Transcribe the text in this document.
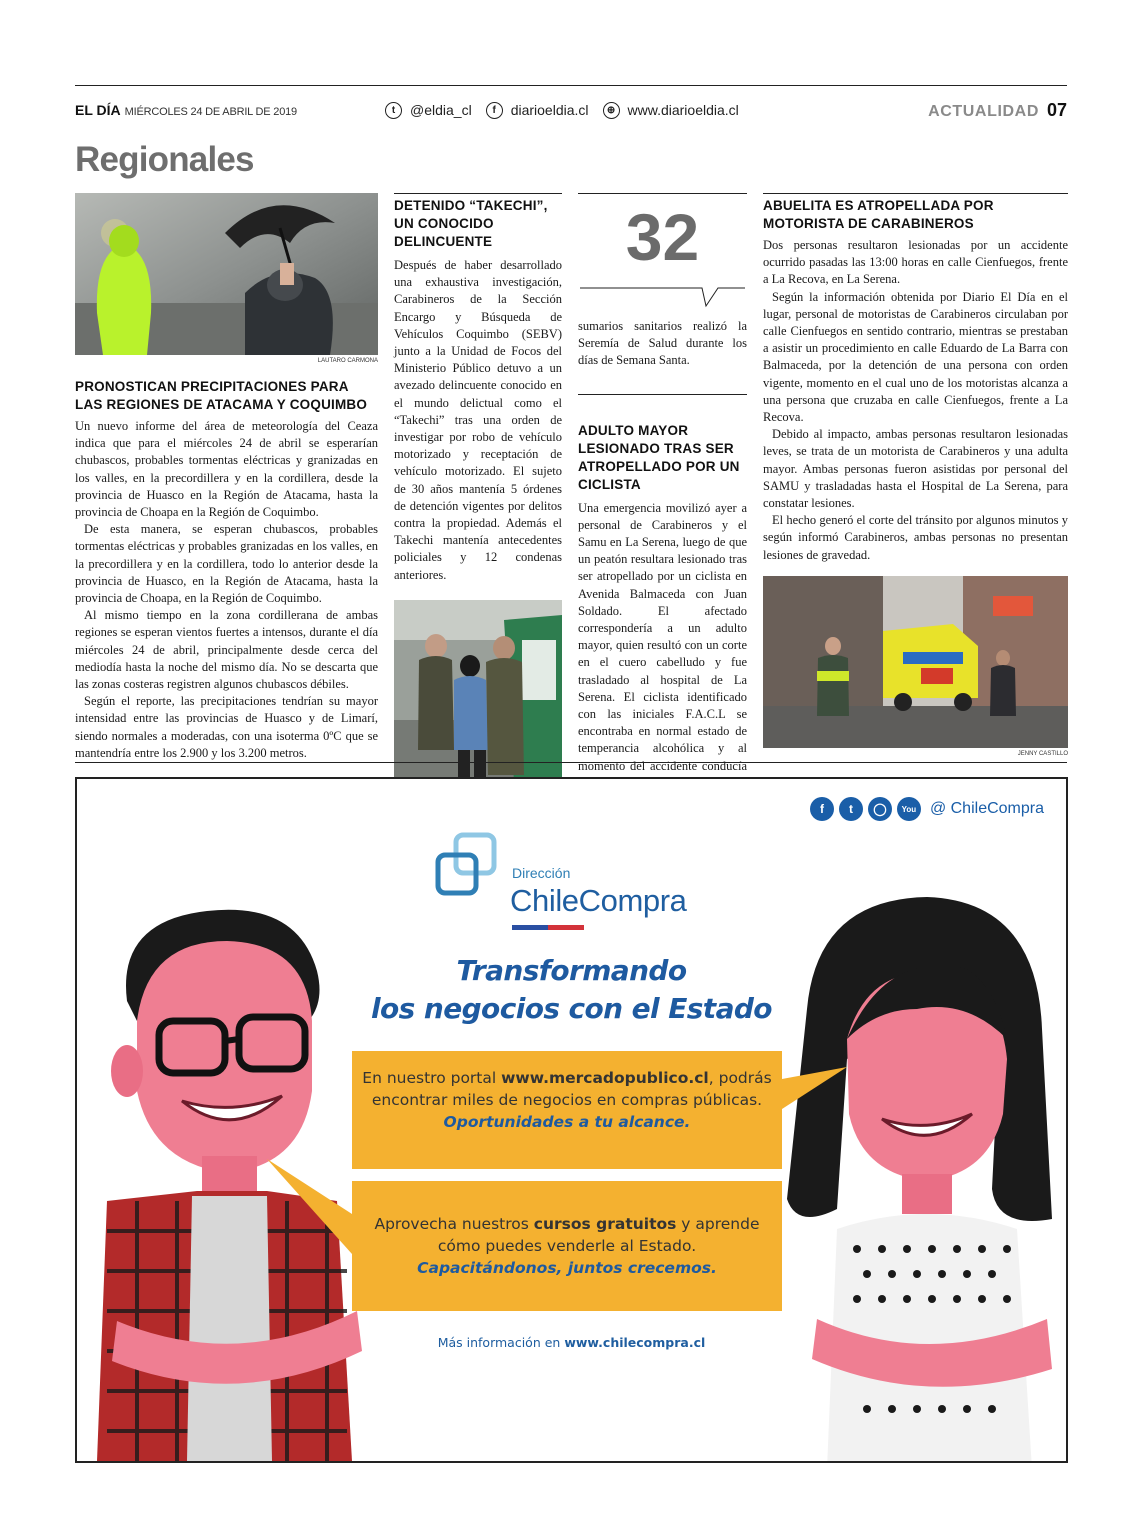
EL DÍA MIÉRCOLES 24 DE ABRIL DE 2019	t	@eldia_cl	f	diarioeldia.cl	⊕ www.diarioeldia.cl	ACTUALIDAD 07
Regionales
LAUTARO CARMONA
PRONOSTICAN PRECIPITACIONES PARA LAS REGIONES DE ATACAMA Y COQUIMBO

Un nuevo informe del área de meteorología del Ceaza indica que para el miércoles 24 de abril se esperarían chubascos, probables tormentas eléctricas y granizadas en los valles, en la precordillera y en la cordillera, desde la provincia de Huasco en la Región de Atacama, hasta la provincia de Choapa en la Región de Coquimbo.

De esta manera, se esperan chubascos, probables tormentas eléctricas y probables granizadas en los valles, en la precordillera y en la cordillera, todo lo anterior desde la provincia de Huasco, en la Región de Atacama, hasta la provincia de Choapa, en la Región de Coquimbo.

Al mismo tiempo en la zona cordillerana de ambas regiones se esperan vientos fuertes a intensos, durante el día miércoles 24 de abril, principalmente desde cerca del mediodía hasta la noche del mismo día. No se descarta que las zonas costeras registren algunos chubascos débiles.

Según el reporte, las precipitaciones tendrían su mayor intensidad entre las provincias de Huasco y de Limarí, siendo normales a moderadas, con una isoterma 0ºC que se mantendría entre los 2.900 y los 3.200 metros.

DETENIDO “TAKECHI”, UN CONOCIDO DELINCUENTE

Después de haber desarrollado una exhaustiva investigación, Carabineros de la Sección Encargo y Búsqueda de Vehículos Coquimbo (SEBV) junto a la Unidad de Focos del Ministerio Público detuvo a un avezado delincuente conocido en el mundo delictual como el “Takechi” tras una orden de investigar por robo de vehículo motorizado y receptación de vehículo motorizado. El sujeto de 30 años mantenía 5 órdenes de detención vigentes por delitos contra la propiedad. Además el Takechi mantenía antecedentes policiales y 12 condenas anteriores.

32

sumarios sanitarios realizó la Seremía de Salud durante los días de Semana Santa.

ADULTO MAYOR LESIONADO TRAS SER ATROPELLADO POR UN CICLISTA

Una emergencia movilizó ayer a personal de Carabineros y el Samu en La Serena, luego de que un peatón resultara lesionado tras ser atropellado por un ciclista en Avenida Balmaceda con Juan Soldado. El afectado correspondería a un adulto mayor, quien resultó con un corte en el cuero cabelludo y fue trasladado al hospital de La Serena. El ciclista identificado con las iniciales F.A.C.L se encontraba en normal estado de temperancia alcohólica y al momento del accidente conducía

ABUELITA ES ATROPELLADA POR MOTORISTA DE CARABINEROS

Dos personas resultaron lesionadas por un accidente ocurrido pasadas las 13:00 horas en calle Cienfuegos, frente a La Recova, en La Serena.

Según la información obtenida por Diario El Día en el lugar, personal de motoristas de Carabineros circulaban por calle Cienfuegos en sentido contrario, mientras se prestaban a asistir un procedimiento en calle Eduardo de La Barra con Balmaceda, por la detención de una persona con orden vigente, momento en el cual uno de los motoristas alcanza a una persona que cruzaba en calle Cienfuegos, frente a La Recova.

Debido al impacto, ambas personas resultaron lesionadas leves, se trata de un motorista de Carabineros y una adulta mayor. Ambas personas fueron asistidas por personal del SAMU y trasladadas hasta el Hospital de La Serena, para constatar lesiones.

El hecho generó el corte del tránsito por algunos minutos y según informó Carabineros, ambas personas no presentan lesiones de gravedad.

JENNY CASTILLO
f	t	◯	You @ ChileCompra
Dirección
ChileCompra
Transformando
los negocios con el Estado
En nuestro portal www.mercadopublico.cl, podrás
encontrar miles de negocios en compras públicas.
Oportunidades a tu alcance.
Aprovecha nuestros cursos gratuitos y aprende
cómo puedes venderle al Estado.
Capacitándonos, juntos crecemos.
Más información en www.chilecompra.cl
